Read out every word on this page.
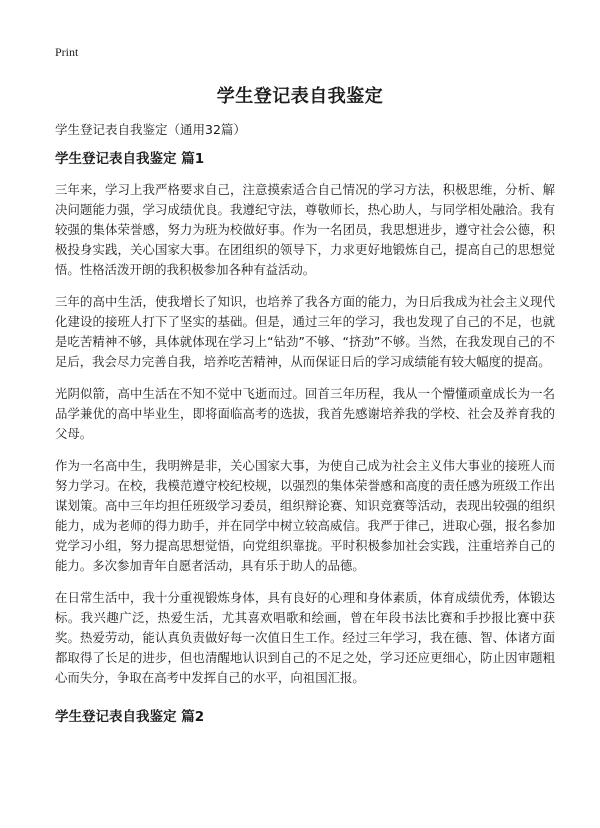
Print
学生登记表自我鉴定

学生登记表自我鉴定（通用32篇）

学生登记表自我鉴定 篇1

三年来，学习上我严格要求自己，注意摸索适合自己情况的学习方法，积极思维，分析、解决问题能力强，学习成绩优良。我遵纪守法，尊敬师长，热心助人，与同学相处融洽。我有较强的集体荣誉感，努力为班为校做好事。作为一名团员，我思想进步，遵守社会公德，积极投身实践，关心国家大事。在团组织的领导下，力求更好地锻炼自己，提高自己的思想觉悟。性格活泼开朗的我积极参加各种有益活动。

三年的高中生活，使我增长了知识，也培养了我各方面的能力，为日后我成为社会主义现代化建设的接班人打下了坚实的基础。但是，通过三年的学习，我也发现了自己的不足，也就是吃苦精神不够，具体就体现在学习上“钻劲”不够、“挤劲”不够。当然，在我发现自己的不足后，我会尽力完善自我，培养吃苦精神，从而保证日后的学习成绩能有较大幅度的提高。

光阴似箭，高中生活在不知不觉中飞逝而过。回首三年历程，我从一个懵懂顽童成长为一名品学兼优的高中毕业生，即将面临高考的选拔，我首先感谢培养我的学校、社会及养育我的父母。

作为一名高中生，我明辨是非，关心国家大事，为使自己成为社会主义伟大事业的接班人而努力学习。在校，我模范遵守校纪校规，以强烈的集体荣誉感和高度的责任感为班级工作出谋划策。高中三年均担任班级学习委员，组织辩论赛、知识竞赛等活动，表现出较强的组织能力，成为老师的得力助手，并在同学中树立较高威信。我严于律己，进取心强，报名参加党学习小组，努力提高思想觉悟，向党组织靠拢。平时积极参加社会实践，注重培养自己的能力。多次参加青年自愿者活动，具有乐于助人的品德。

在日常生活中，我十分重视锻炼身体，具有良好的心理和身体素质，体育成绩优秀，体锻达标。我兴趣广泛，热爱生活，尤其喜欢唱歌和绘画，曾在年段书法比赛和手抄报比赛中获奖。热爱劳动，能认真负责做好每一次值日生工作。经过三年学习，我在德、智、体诸方面都取得了长足的进步，但也清醒地认识到自己的不足之处，学习还应更细心，防止因审题粗心而失分，争取在高考中发挥自己的水平，向祖国汇报。

学生登记表自我鉴定 篇2
